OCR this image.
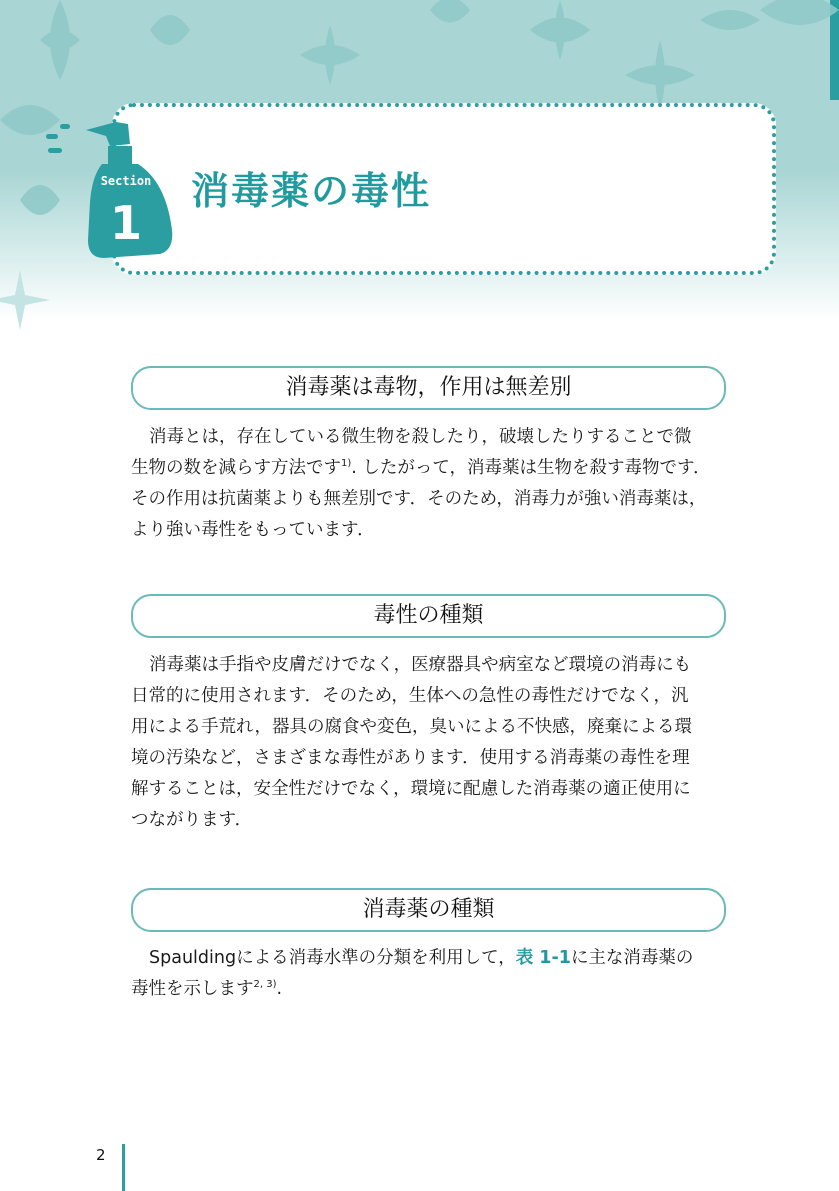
Section
1
消毒薬の毒性
消毒薬は毒物，作用は無差別
消毒とは，存在している微生物を殺したり，破壊したりすることで微
生物の数を減らす方法です$^{1)}$. したがって，消毒薬は生物を殺す毒物です．
その作用は抗菌薬よりも無差別です．そのため，消毒力が強い消毒薬は，
より強い毒性をもっています．
毒性の種類
消毒薬は手指や皮膚だけでなく，医療器具や病室など環境の消毒にも
日常的に使用されます．そのため，生体への急性の毒性だけでなく，汎
用による手荒れ，器具の腐食や変色，臭いによる不快感，廃棄による環
境の汚染など，さまざまな毒性があります．使用する消毒薬の毒性を理
解することは，安全性だけでなく，環境に配慮した消毒薬の適正使用に
つながります．
消毒薬の種類
Spauldingによる消毒水準の分類を利用して，表 1-1に主な消毒薬の
毒性を示します$^{2, 3)}$.
2
